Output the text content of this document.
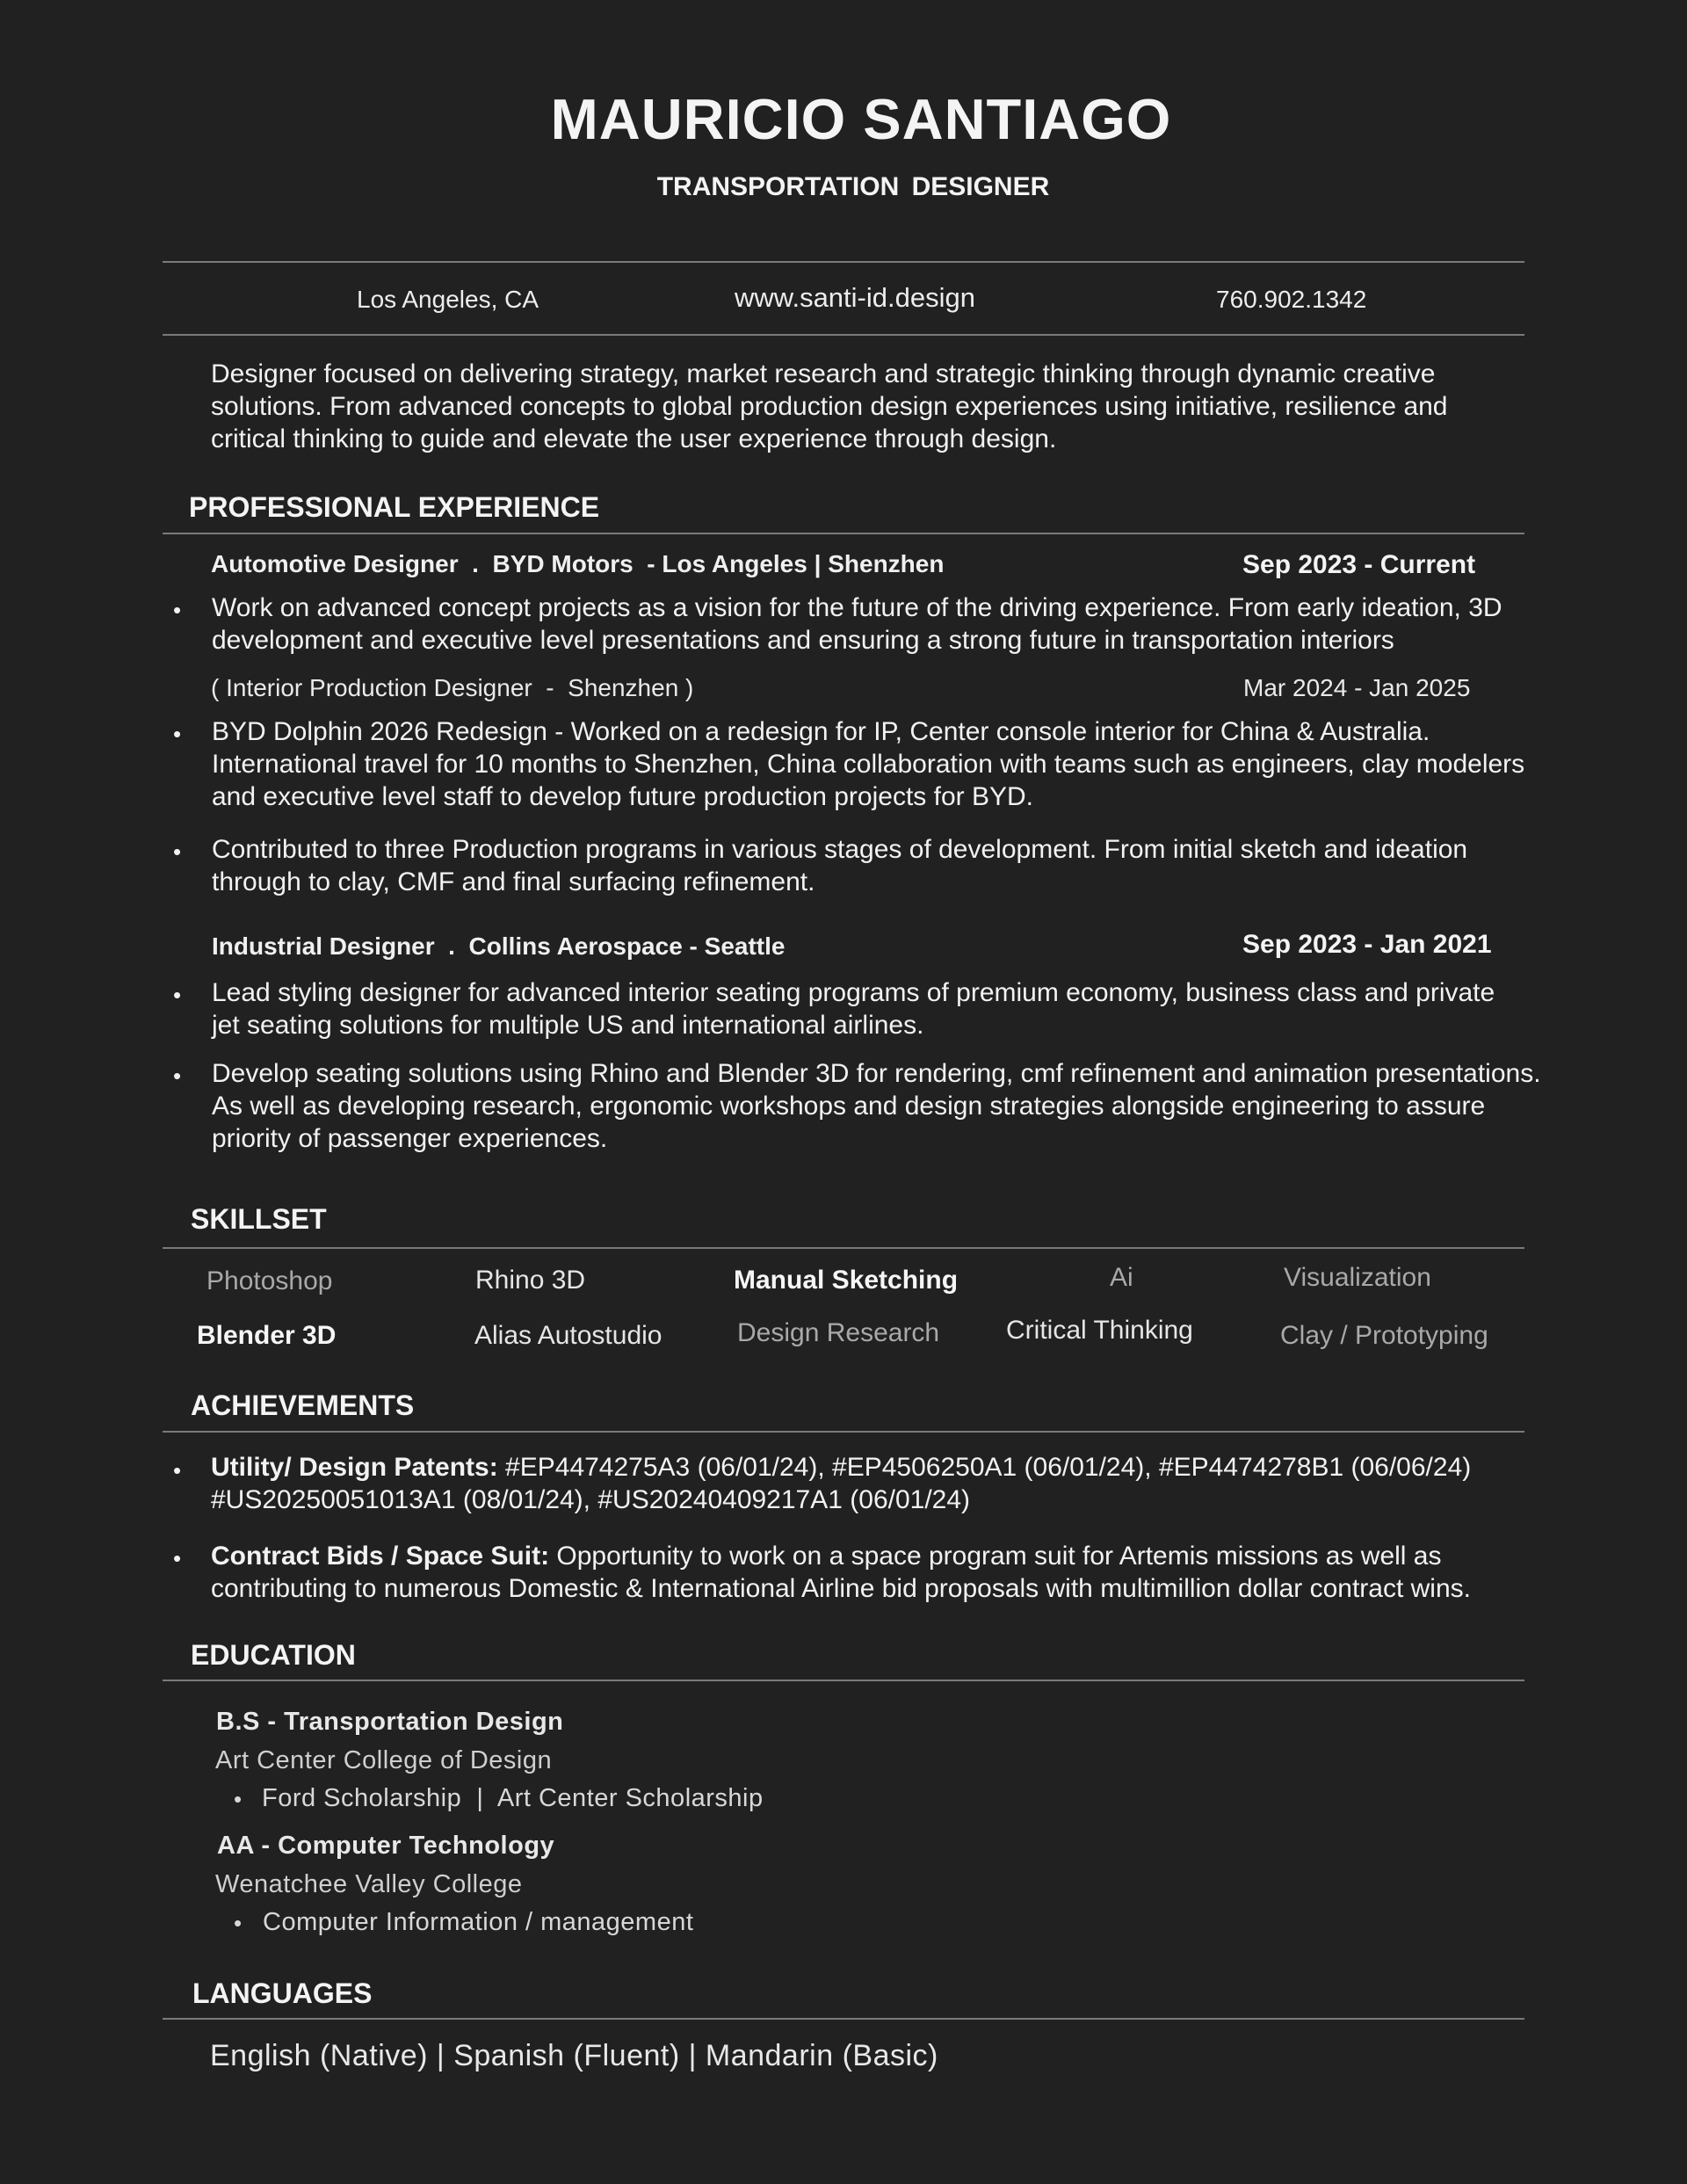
MAURICIO SANTIAGO
TRANSPORTATION DESIGNER
Los Angeles, CA	www.santi-id.design	760.902.1342
Designer focused on delivering strategy, market research and strategic thinking through dynamic creative solutions. From advanced concepts to global production design experiences using initiative, resilience and critical thinking to guide and elevate the user experience through design.
PROFESSIONAL EXPERIENCE
Automotive Designer  .  BYD Motors  - Los Angeles | Shenzhen	Sep 2023 - Current
• Work on advanced concept projects as a vision for the future of the driving experience. From early ideation, 3D development and executive level presentations and ensuring a strong future in transportation interiors
( Interior Production Designer  -  Shenzhen )	Mar 2024 - Jan 2025
• BYD Dolphin 2026 Redesign - Worked on a redesign for IP, Center console interior for China & Australia. International travel for 10 months to Shenzhen, China collaboration with teams such as engineers, clay modelers and executive level staff to develop future production projects for BYD.
• Contributed to three Production programs in various stages of development. From initial sketch and ideation through to clay, CMF and final surfacing refinement.
Industrial Designer  .  Collins Aerospace - Seattle	Sep 2023 - Jan 2021
• Lead styling designer for advanced interior seating programs of premium economy, business class and private jet seating solutions for multiple US and international airlines.
• Develop seating solutions using Rhino and Blender 3D for rendering, cmf refinement and animation presentations. As well as developing research, ergonomic workshops and design strategies alongside engineering to assure priority of passenger experiences.
SKILLSET
Photoshop	Rhino 3D	Manual Sketching	Ai	Visualization
Blender 3D	Alias Autostudio	Design Research	Critical Thinking	Clay / Prototyping
ACHIEVEMENTS
• Utility/ Design Patents: #EP4474275A3 (06/01/24), #EP4506250A1 (06/01/24), #EP4474278B1 (06/06/24) #US20250051013A1 (08/01/24), #US20240409217A1 (06/01/24)
• Contract Bids / Space Suit: Opportunity to work on a space program suit for Artemis missions as well as contributing to numerous Domestic & International Airline bid proposals with multimillion dollar contract wins.
EDUCATION
B.S - Transportation Design
Art Center College of Design
• Ford Scholarship  |  Art Center Scholarship
AA - Computer Technology
Wenatchee Valley College
• Computer Information / management
LANGUAGES
English (Native) | Spanish (Fluent) | Mandarin (Basic)
